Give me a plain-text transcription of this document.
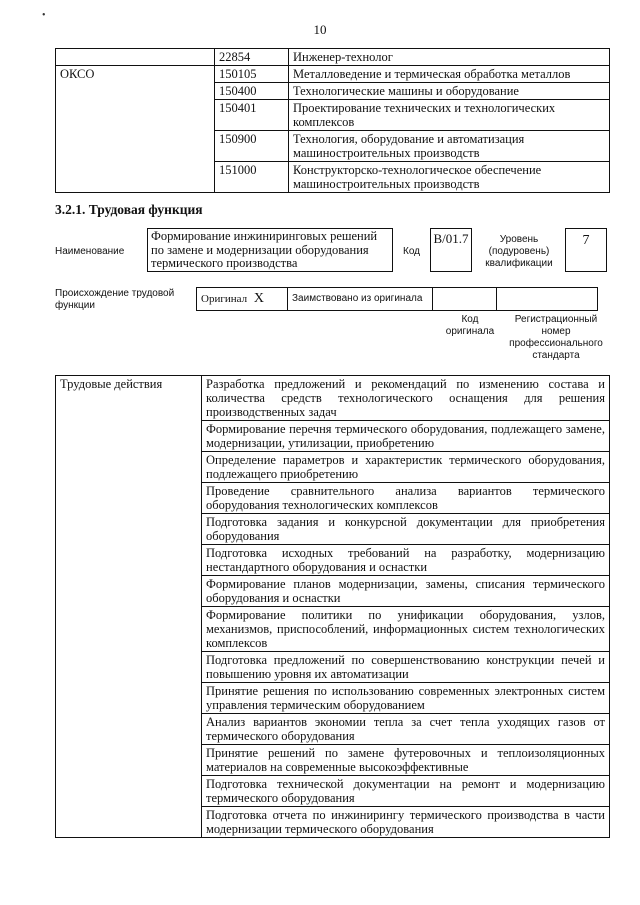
•
10
	22854	Инженер-технолог
ОКСО	150105	Металловедение и термическая обработка металлов
	150400	Технологические машины и оборудование
	150401	Проектирование технических и технологических комплексов
	150900	Технология, оборудование и автоматизация машиностроительных производств
	151000	Конструкторско-технологическое обеспечение машиностроительных производств
3.2.1. Трудовая функция
Наименование
Формирование инжиниринговых решений по замене и модернизации оборудования термического производства
Код
B/01.7	Уровень (подуровень) квалификации
7
Происхождение трудовой функции
Оригинал X	Заимствовано из оригинала		
Код оригинала
Регистрационный номер профессионального стандарта
Трудовые действия	Разработка предложений и рекомендаций по изменению состава и количества средств технологического оснащения для решения производственных задач
Формирование перечня термического оборудования, подлежащего замене, модернизации, утилизации, приобретению
Определение параметров и характеристик термического оборудования, подлежащего приобретению
Проведение сравнительного анализа вариантов термического оборудования технологических комплексов
Подготовка задания и конкурсной документации для приобретения оборудования
Подготовка исходных требований на разработку, модернизацию нестандартного оборудования и оснастки
Формирование планов модернизации, замены, списания термического оборудования и оснастки
Формирование политики по унификации оборудования, узлов, механизмов, приспособлений, информационных систем технологических комплексов
Подготовка предложений по совершенствованию конструкции печей и повышению уровня их автоматизации
Принятие решения по использованию современных электронных систем управления термическим оборудованием
Анализ вариантов экономии тепла за счет тепла уходящих газов от термического оборудования
Принятие решений по замене футеровочных и теплоизоляционных материалов на современные высокоэффективные
Подготовка технической документации на ремонт и модернизацию термического оборудования
Подготовка отчета по инжинирингу термического производства в части модернизации термического оборудования
